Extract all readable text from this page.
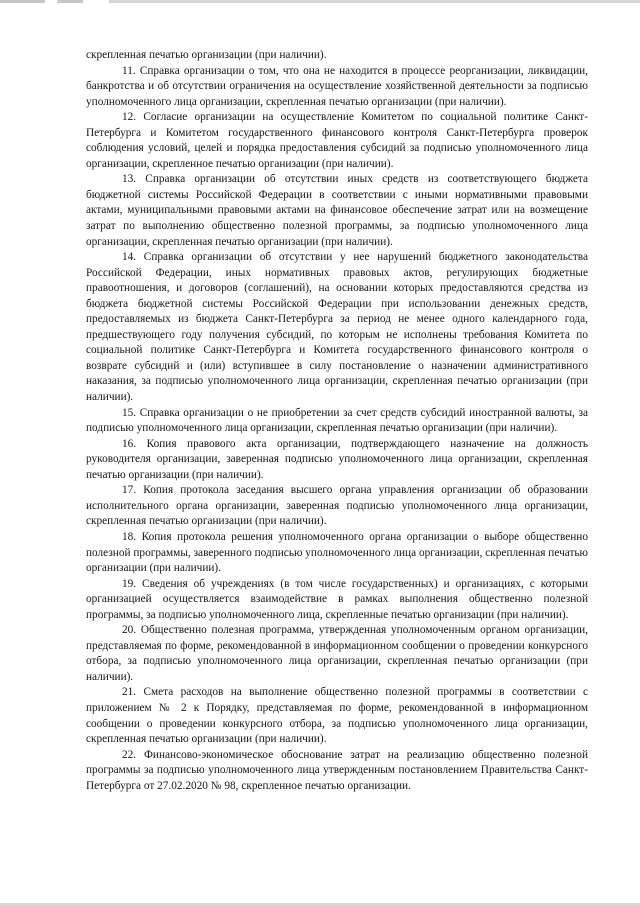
скрепленная печатью организации (при наличии).

11. Справка организации о том, что она не находится в процессе реорганизации, ликвидации, банкротства и об отсутствии ограничения на осуществление хозяйственной деятельности за подписью уполномоченного лица организации, скрепленная печатью организации (при наличии).

12. Согласие организации на осуществление Комитетом по социальной политике Санкт-Петербурга и Комитетом государственного финансового контроля Санкт-Петербурга проверок соблюдения условий, целей и порядка предоставления субсидий за подписью уполномоченного лица организации, скрепленное печатью организации (при наличии).

13. Справка организации об отсутствии иных средств из соответствующего бюджета бюджетной системы Российской Федерации в соответствии с иными нормативными правовыми актами, муниципальными правовыми актами на финансовое обеспечение затрат или на возмещение затрат по выполнению общественно полезной программы, за подписью уполномоченного лица организации, скрепленная печатью организации (при наличии).

14. Справка организации об отсутствии у нее нарушений бюджетного законодательства Российской Федерации, иных нормативных правовых актов, регулирующих бюджетные правоотношения, и договоров (соглашений), на основании которых предоставляются средства из бюджета бюджетной системы Российской Федерации при использовании денежных средств, предоставляемых из бюджета Санкт-Петербурга за период не менее одного календарного года, предшествующего году получения субсидий, по которым не исполнены требования Комитета по социальной политике Санкт-Петербурга и Комитета государственного финансового контроля о возврате субсидий и (или) вступившее в силу постановление о назначении административного наказания, за подписью уполномоченного лица организации, скрепленная печатью организации (при наличии).

15. Справка организации о не приобретении за счет средств субсидий иностранной валюты, за подписью уполномоченного лица организации, скрепленная печатью организации (при наличии).

16. Копия правового акта организации, подтверждающего назначение на должность руководителя организации, заверенная подписью уполномоченного лица организации, скрепленная печатью организации (при наличии).

17. Копия протокола заседания высшего органа управления организации об образовании исполнительного органа организации, заверенная подписью уполномоченного лица организации, скрепленная печатью организации (при наличии).

18. Копия протокола решения уполномоченного органа организации о выборе общественно полезной программы, заверенного подписью уполномоченного лица организации, скрепленная печатью организации (при наличии).

19. Сведения об учреждениях (в том числе государственных) и организациях, с которыми организацией осуществляется взаимодействие в рамках выполнения общественно полезной программы, за подписью уполномоченного лица, скрепленные печатью организации (при наличии).

20. Общественно полезная программа, утвержденная уполномоченным органом организации, представляемая по форме, рекомендованной в информационном сообщении о проведении конкурсного отбора, за подписью уполномоченного лица организации, скрепленная печатью организации (при наличии).

21. Смета расходов на выполнение общественно полезной программы в соответствии с приложением № 2 к Порядку, представляемая по форме, рекомендованной в информационном сообщении о проведении конкурсного отбора, за подписью уполномоченного лица организации, скрепленная печатью организации (при наличии).

22. Финансово-экономическое обоснование затрат на реализацию общественно полезной программы за подписью уполномоченного лица утвержденным постановлением Правительства Санкт-Петербурга от 27.02.2020 № 98, скрепленное печатью организации.
